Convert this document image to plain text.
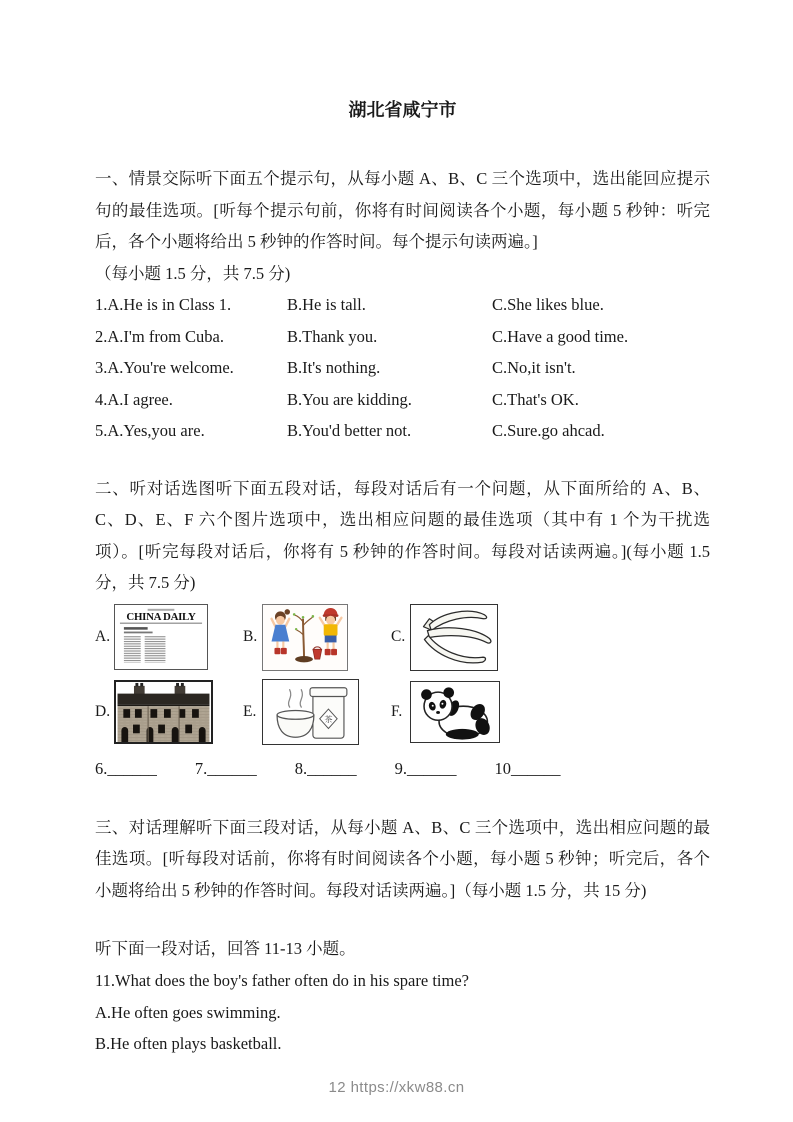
湖北省咸宁市

一、情景交际听下面五个提示句，从每小题 A、B、C 三个选项中，选出能回应提示句的最佳选项。[听每个提示句前，你将有时间阅读各个小题，每小题 5 秒钟：听完后，各个小题将给出 5 秒钟的作答时间。每个提示句读两遍。]

（每小题 1.5 分，共 7.5 分)
1.A.He is in Class 1.	B.He is tall.	C.She likes blue.
2.A.I'm from Cuba.	B.Thank you.	C.Have a good time.
3.A.You're welcome.	B.It's nothing.	C.No,it isn't.
4.A.I agree.	B.You are kidding.	C.That's OK.
5.A.Yes,you are.	B.You'd better not.	C.Sure.go ahcad.

二、听对话选图听下面五段对话，每段对话后有一个问题，从下面所给的 A、B、C、D、E、F 六个图片选项中，选出相应问题的最佳选项（其中有 1 个为干扰选项）。[听完每段对话后，你将有 5 秒钟的作答时间。每段对话读两遍。](每小题 1.5 分，共 7.5 分)

A.
CHINA DAILY
B.	C.
D.	E.	茶	F.
6.______ 7.______ 8.______ 9.______ 10______

三、对话理解听下面三段对话，从每小题 A、B、C 三个选项中，选出相应问题的最佳选项。[听每段对话前，你将有时间阅读各个小题，每小题 5 秒钟；听完后，各个小题将给出 5 秒钟的作答时间。每段对话读两遍。]（每小题 1.5 分，共 15 分)

听下面一段对话，回答 11-13 小题。
11.What does the boy's father often do in his spare time?
A.He often goes swimming.
B.He often plays basketball.
12 https://xkw88.cn
